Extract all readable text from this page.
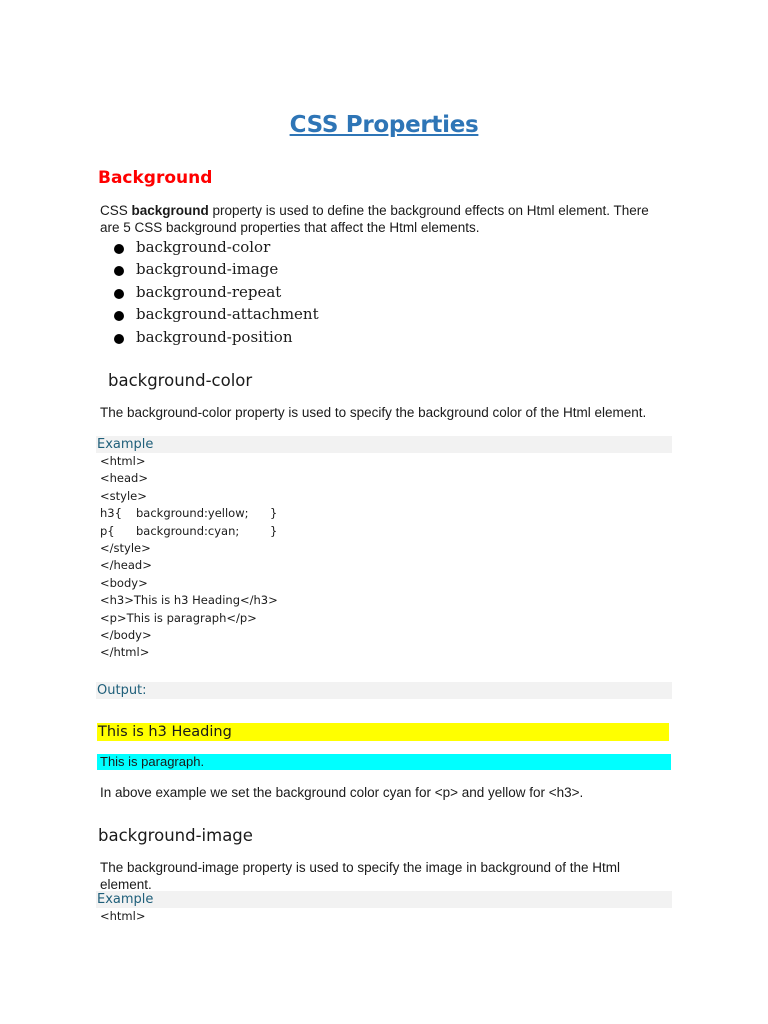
CSS Properties
Background
CSS background property is used to define the background effects on Html element. There are 5 CSS background properties that affect the Html elements.
background-color
background-image
background-repeat
background-attachment
background-position
background-color
The background-color property is used to specify the background color of the Html element.
Example
<html>
<head>
<style>
h3{ background:yellow; }
p{ background:cyan;	}
</style>
</head>
<body>
<h3>This is h3 Heading</h3>
<p>This is paragraph</p>
</body>
</html>
Output:
This is h3 Heading
This is paragraph.
In above example we set the background color cyan for <p> and yellow for <h3>.
background-image
The background-image property is used to specify the image in background of the Html element.
Example
<html>
